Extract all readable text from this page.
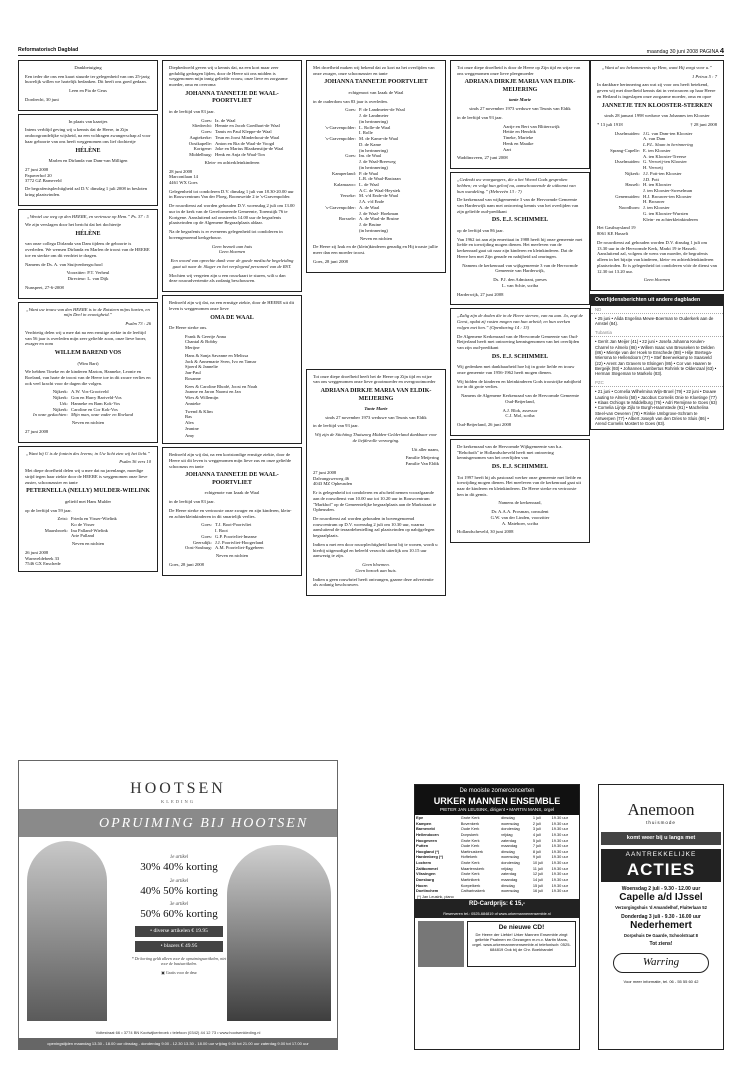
Reformatorisch Dagblad	maandag 30 juni 2008 PAGINA 4

Dankbetuiging

Een ieder die ons een kaart stuurde ter gelegenheid van ons 25-jarig huwelijk willen we hartelijk bedanken. Dit heeft ons goed gedaan.

Leen en Pia de Geus

Dordrecht, 30 juni

In plaats van kaartjes

Intens verblijd geving wij u kennis dat de Heere, in Zijn ondoorgrondelijke wijsheid, na een voldragen zwangerschap al voor haar geboorte van ons heeft weggenomen ons lief dochtertje

HÉLÈNE

Marlen en Dirlanda van Dam-van Milligen

27 juni 2008
Papaverhof 20
3772 GZ Barneveld

De begrafenisplechtigheid zal D.V. dinsdag 1 juli 2008 in besloten kring plaatsvinden.

„Wentel uw weg op den HEERE, en vertrouw op Hem.” Ps. 37 : 5

We zijn verslagen door het bericht dat het dochtertje

HÉLÈNE

van onze collega Dirlanda van Dam tijdens de geboorte is overleden. We wensen Dirlanda en Marlen de troost van de HEERE toe en sterkte om dit verdriet te dragen.

Namens de Ds. A. van Stuijvenbergschool

Voorzitter: P.T. Verheul
Directeur: L. van Dijk

Nunspeet, 27-6-2008

„Want uw trouw van den HEERE is in de Rotsteen mijns harten, en mijn Deel in eeuwigheid.”

Psalm 73 : 26

Verdrietig delen wij u mee dat na een ernstige ziekte in de leeftijd van 56 jaar is overleden mijn zeer geliefde zoon, onze lieve broer, zwager en oom

WILLEM BAREND VOS

(Wim Bart)

We hebben Tineke en de kinderen Marion, Hanneke, Leonie en Roeland, van harte de troost van de Heere toe in dit zware verlies en ook veel kracht voor de dagen die volgen.

Nijkerk: A.W. Vos-Grootveld
Nijkerk: Gon en Harry Bartveld-Vos
Urk: Hanneke en Bam Kok-Vos
Nijkerk: Caroline en Cor Kok-Vos
In onze gedachten: Mijn man, onze vader en Roeland

Neven en nichten

27 juni 2008

„Want bij U is de fontein des levens; in Uw licht zien wij het licht.”

Psalm 36 vers 10

Met diepe droefheid delen wij u mee dat na jarenlange, moedige strijd tegen haar ziekte door de HEERE is weggenomen onze lieve zuster, schoonzuster en tante

PETERNELLA (NELLY) MULDER-WIELINK

geliefd met Hans Mulder

op de leeftijd van 59 jaar.

Zeist: Frieda en Visser-Wielink
Ko de Visser
Maarsbroek: Ina Palland-Wielink
Arie Palland

Neven en nichten

26 juni 2008
Warnveldebeek 33
7546 GX Enschede

Diepbedroefd geven wij u kennis dat, na een kort maar zeer geduldig gedragen lijden, door de Heere uit ons midden is weggenomen mijn innig geliefde vrouw, onze lieve en zorgzame moeder, oma en overoma

JOHANNA TANNETJE DE WAAL-POORTVLIET

in de leeftijd van 83 jaar.

Goes: Iz. de Waal
Sliedrecht: Hennie en Jacob Goedhart-de Waal
Goes: Tamis en Paul Kleppe-de Waal
Aagtekerke: Teun en Joost Minderhout-de Waal
Oostkapelle: Anton en Ria de Waal-de Voogd
Kortgene: Joke en Marius Blaakenstijn-de Waal
Middelburg: Henk en Anja de Waal-Ton

Klein- en achterkleinkinderen

28 juni 2008
Marconilaan 14
4461 WX Goes

Gelegenheid tot condoleren D.V. dinsdag 1 juli van 18.30-20.00 uur in Rouwcentrum Van der Ploeg, Boomweide 2 te 's-Gravenpolder.

De rouwdienst zal worden gehouden D.V. woensdag 2 juli om 13.00 uur in de kerk van de Gereformeerde Gemeente, Torenstijk 76 te Kortgene. Aansluitend zal omstreeks 14.00 uur de begrafenis plaatsvinden op de Algemene Begraafplaats aldaar.

Na de begrafenis is er eveneens gelegenheid tot condoleren in bovengenoemd kerkgebouw.

Geen bezoek aan huis
Geen bloemen

Een woord van oprechte dank voor de goede medische begeleiding gaat uit naar dr. Slager en het verplegend personeel van de RST.

Mochten wij vergeten zijn u een rouwkaart te sturen, wilt u dan deze rouwadvertentie als zodanig beschouwen.

Bedroefd zijn wij dat, na een ernstige ziekte, door de HEERE uit dit leven is weggenomen onze lieve

OMA DE WAAL

De Heere sterke ons.

Frank & Geertje Anna
Chantal & Bobby
Merijne
Hans & Sanja Savanne en Melissa
Jack & Annemarie Sven, Ivo en Tamar
Sjoerd & Jannelie
Jan-Paul
Rosanne
Kees & Caroline Rhodé, Joost en Noah
Joanne en Jaron Naomi en Jan
Wies & Willemijn
Annieke
Twend & Klim
Bas
Alex
Jeanine
Amy

Bedroefd zijn wij dat, na een kortstondige ernstige ziekte, door de Heere uit dit leven is weggenomen mijn lieve zus en onze geliefde schoonzus en tante

JOHANNA TANNETJE DE WAAL-POORTVLIET

echtgenote van Izaak de Waal

in de leeftijd van 83 jaar.

De Heere sterke en vertrooste onze zwager en zijn kinderen, klein- en achterkleinkinderen in dit smartelijk verlies.

Goes: T.J. Boot-Poortvliet
I. Boot
Goes: G.P. Poortvliet-Imanse
Geersdijk: J.J. Poortvliet-Hoogerland
Oost-Souburg: A.M. Poortvliet-Eggebeen

Neven en nichten

Goes, 28 juni 2008

Met droefheid maken wij bekend dat zo kort na het overlijden van onze zwager, onze schoonzuster en tante

JOHANNA TANNETJE POORTVLIET

echtgenoot van Izaak de Waal

in de ouderdom van 83 jaar is overleden.

Goes: P. de Landmeter-de Waal
J. de Landmeter
(in herinnering)
's-Gravenpolder: L. Rolle-de Waal
I. Rolle
's-Gravenpolder: M. de Kame-de Waal
D. de Kame
(in herinnering)
Goes: Im. de Waal
J. de Waal-Breeweg
(in herinnering)
Kamperland: P. de Waal
L.R. de Waal-Bastraan
Kalamazoo: L. de Waal
A.C. de Waal-Heystek
Yerseke: M. v/d Ende-de Waal
J.A. v/d Ende
's-Gravenpolder: A. de Waal
J. de Waal- Hoekman
Borssele: A. de Waal-de Bruine
J. de Bruine
(in herinnering)

Neven en nichten

De Heere zij Izak en de (klein)kinderen genadig en Hij troaste jullie meer dan een moeder troost.

Goes, 28 juni 2008

Tot onze diepe droefheid heeft het de Heere op Zijn tijd en wijze van ons weggenomen onze lieve grootmoeder en overgrootmoeder

ADRIANA DIRKJE MARIA VAN ELDIK-MEIJERING

Tante Marie

sinds 27 november 1973 weduwe van Teunis van Eldik

in de leeftijd van 93 jaar.

Wij zijn de Stichting Thuiszorg Midden-Gelderland dankbaar voor de liefdevolle verzorging.

Uit aller naam,

Familie Meijering
Familie Van Eldik
27 juni 2008
Dalvangsweweg 46
4043 MZ Opheusden

Er is gelegenheid tot condoleren en afscheid nemen voorafgaande aan de rouwdienst van 10.00 uur tot 10.20 uur in Rouwcentrum "Markhof" op de Gemeentelijke begraafplaats aan de Markstraat te Opheusden.

De rouwdienst zal worden gehouden in bovengenoemd rouwcentrum op D.V. woensdag 2 juli om 10.30 uur, waarna aansluitend de teraardebestelling zal plaatsvinden op nabijgelegen begraafplaats.

Indien u met een door rouwplechtigheid komt bij te wonen, wordt u hierbij uitgenodigd en beleefd verzocht uiterlijk om 10.15 uur aanwezig te zijn.

Geen bloemen.
Geen bezoek aan huis.

Indien u geen rouwbrief heeft ontvangen, gaarne deze advertentie als zodanig beschouwen.

Tot onze diepe droefheid is door de Heere op Zijn tijd en wijze van ons weggenomen onze lieve pleegmoeder

ADRIANA DIRKJE MARIA VAN ELDIK-MEIJERING

tante Marie

sinds 27 november 1973 weduwe van Teunis van Eldik

in de leeftijd van 93 jaar.

Aartje en Bert van Blitterswijk
Hettie en Hendrik
Tineke, Marieke
Henk en Maaike
Aart

Waddinxveen, 27 juni 2008

„Gedenkt uw voorgangers, die u het Woord Gods gesproken hebben; en volgt hun geloof na, aanschouwende de uitkomst van hun wandeling.” (Hebreeën 13 : 7)

De kerkenraad van wijkgemeente 3 van de Hervormde Gemeente van Harderwijk nam met ontroering kennis van het overlijden van zijn geliefde oud-predikant

DS. E.J. SCHIMMEL

op de leeftijd van 86 jaar.

Van 1962 tot aan zijn emeritaat in 1988 heeft hij onze gemeente met liefde en toewijding mogen dienen. Het meeleven van de kerkenraad gaat uit naar zijn kinderen en kleinkinderen. Dat de Heere hen met Zijn genade en nabijheid zal omringen.

Namens de kerkenraad van wijkgemeente 3 van de Hervormde Gemeente van Harderwijk,

Ds. P.J. den Admirant, preses
L. van Schie, scriba

Harderwijk, 27 juni 2008

„Zalig zijn de doden die in de Heere sterven, van nu aan. Ja, zegt de Geest, opdat zij rusten mogen van hun arbeid; en hun werken volgen met hen.” (Openbaring 14 : 13)

De Algemene Kerkenraad van de Hervormde Gemeente van Oud-Beijerland heeft met ontroering kennisgenomen van het overlijden van zijn oud-predikant

DS. E.J. SCHIMMEL

Wij gedenken met dankbaarheid hoe hij in grote liefde en trouw onze gemeente van 1956-1962 heeft mogen dienen.

Wij bidden de kinderen en kleinkinderen Gods troostrijke nabijheid toe in dit grote verlies.

Namens de Algemene Kerkenraad van de Hervormde Gemeente Oud-Beijerland,

A.J. Blok, assessor
C.J. Mol, scriba

Oud-Beijerland, 26 juni 2008

De kerkenraad van de Hervormde Wijkgemeente van b.a. "Rehoboth" te Hollandscheveld heeft met ontroering kennisgenomen van het overlijden van

DS. E.J. SCHIMMEL

Tot 1997 heeft hij als pastoraal werker onze gemeente met liefde en toewijding mogen dienen. Het meeleven van de kerkenraad gaat uit naar de kinderen en kleinkinderen. De Heere sterke en vertrooste hen in dit gemis.

Namens de kerkenraad,

Dr. A.A.A. Prosman, consulent
G.W. van der Linden, voorzitter
A. Mateboer, scriba

Hollandscheveld, 30 juni 2008

„Want al uw bekommernis op Hem, want Hij zorgt voor u.”

1 Petrus 5 : 7

In dankbare herinnering aan wat zij voor ons heeft betekend, geven wij met droefheid kennis dat in vertrouwen op haar Heere en Heiland is ingeslapen onze zorgzame moeder, oma en opoe

JANNETJE TEN KLOOSTER-STERKEN

sinds 28 januari 1998 weduwe van Johannes ten Klooster

* 13 juli 1918	† 28 juni 2008
IJsselmuiden: J.G. van Dam-ten Klooster
A. van Dam
L.P.L. Slaan in herinnering
Sprang-Capelle: E. ten Klooster
A. ten Klooster-Treerse
IJsselmuiden: G. Verweij-ten Klooster
H. Verweij
Nijkerk: J.J. Pott-ten Klooster
J.D. Pott
Hasselt: H. ten Klooster
J. ten Klooster-Sweselman
Genemuiden: H.J. Brouwer-ten Klooster
H. Brouwer
Noordhorn: J. ten Klooster
G. ten Klooster-Wursten
Klein- en achterkleinkinderen
Het Gasthuysland 19
8061 KE Hasselt

De rouwdienst zal gehouden worden D.V. dinsdag 1 juli om 13.30 uur in de Hervormde Kerk, Markt 19 te Hasselt. Aansluitend zal, volgens de wens van moeder, de begrafenis alleen in het bijzijn van kinderen, klein- en achterkleinkinderen plaatsvinden. Er is gelegenheid tot condoleren vóór de dienst van 12.30 tot 13.20 uur.

Geen bloemen

Overlijdensberichten uit andere dagbladen
ND
• 25 juni • Alida Engelina Mewe-Boerman te Ouderkerk aan de Amstel (84).
Tubantia
• Gerrit Jan Meijer (41) • 22 juni • Josefa Johanna Keulen-Charrel te Almelo (86) • Willem Isaac van Breuseken te Delden (86) • Mientje van der Hoek te Enschede (88) • Hilje Stertega-Wiersma te Hellendoorn (77) • Stef Beeneekamp te Saasveld (22) • Arent Jan Gravers te Elsingen (86) • Cor van Haaren te Bergeijk (93) • Johannes Lambertus Rohrink te Oldenzaal (63) • Herman Stegeman te Markelo (83).
PZC
• 21 juni • Cornelia Wilhelmina Wijn-Broel (79) • 22 juni • Douwe Lauting te Almelo (58) • Jacobus Cornelis Onie te Kloetinge (77) • Klaas Ochiogs te Middelburg (76) • Adri Remijnse te Goes (63) • Cornelia Lijntje Zijlo te Burgh-Haamstede (91) • Machelina Steel-van Oeveren (78) • Rinkie Umbgrove-Schram te Antwerpen (77) • Albert Joseph van den Dries te Sluis (86) • Arend Cornelis Mostert te Goes (83).
HOOTSEN
KLEDING
OPRUIMING BIJ HOOTSEN
1e artikel
30% 40% korting
2e artikel
40% 50% korting
3e artikel
50% 60% korting
• diverse artikelen € 19.95
• blazers € 49.95
* De korting geldt alleen voor de opruimingsartikelen, niet voor de basisartikelen.
▣ Gratis voor de deur
Voltestraat 66 • 3774 BN Kootwijkerbroek • telefoon (0342) 44 12 73 • www.hootsenkleding.nl
openingstijden maandag 13.30 - 18.00 uur dinsdag - donderdag 9.00 - 12.30 13.30 - 18.00 uur vrijdag 9.00 tot 21.00 uur zaterdag 9.00 tot 17.00 uur
De mooiste zomerconcerten
URKER MANNEN ENSEMBLE
PIETER JAN LEUSINK, dirigent • MARTIN MANS, orgel
Epe	Grote Kerk	dinsdag	1 juli	19.30 uur
Kampen	Bovenkerk	woensdag	2 juli	19.30 uur
Barneveld	Oude Kerk	donderdag	3 juli	19.30 uur
Hellendoorn	Dorpskerk	vrijdag	4 juli	19.30 uur
Hoogeveen	Grote Kerk	zaterdag	5 juli	19.30 uur
Putten	Oude Kerk	maandag	7 juli	19.30 uur
Hoogland (*)	Martinuskerk	dinsdag	8 juli	19.30 uur
Hardenberg (*)	Hoftekerk	woensdag	9 juli	19.30 uur
Lochem	Grote Kerk	donderdag	10 juli	19.30 uur
Zaltbommel	Maartenskerk	vrijdag	11 juli	19.30 uur
Vlissingen	Grote Kerk	zaterdag	12 juli	19.30 uur
Doesburg	Martinikerk	maandag	14 juli	19.30 uur
Hoorn	Koepelkerk	dinsdag	15 juli	19.30 uur
Doetinchem	Catharinakerk	woensdag	16 juli	19.30 uur
(*) Jan Leusink, piano
RD-Cardprijs: € 15,-
Reserveren tel.: 0525-684819 of www.urkermannenensemble.nl
De nieuwe CD!
De Heere der Liefde! Urker Mannen Ensemble zingt geliefde Psalmen en Gezangen m.m.v. Martin Mans, orgel. www.urkermannenensemble.nl telefonisch: 0525-684819 Ook bij de Chr. Boekhandel
Anemoon
thuismode
komt weer bij u langs met
AANTREKKELIJKE
ACTIES
Woensdag 2 juli - 9.30 - 12.00 uur
Capelle a/d IJssel
Verzorgingshuis 'd Amandelhof, Fluiterlaan 52
Donderdag 3 juli - 9.30 - 16.00 uur
Nederhemert
Dorpshuis De Gaarde, Schoolstraat 8
Tot ziens!
Warring
Voor meer informatie, tel. 06 - 55 55 60 42
